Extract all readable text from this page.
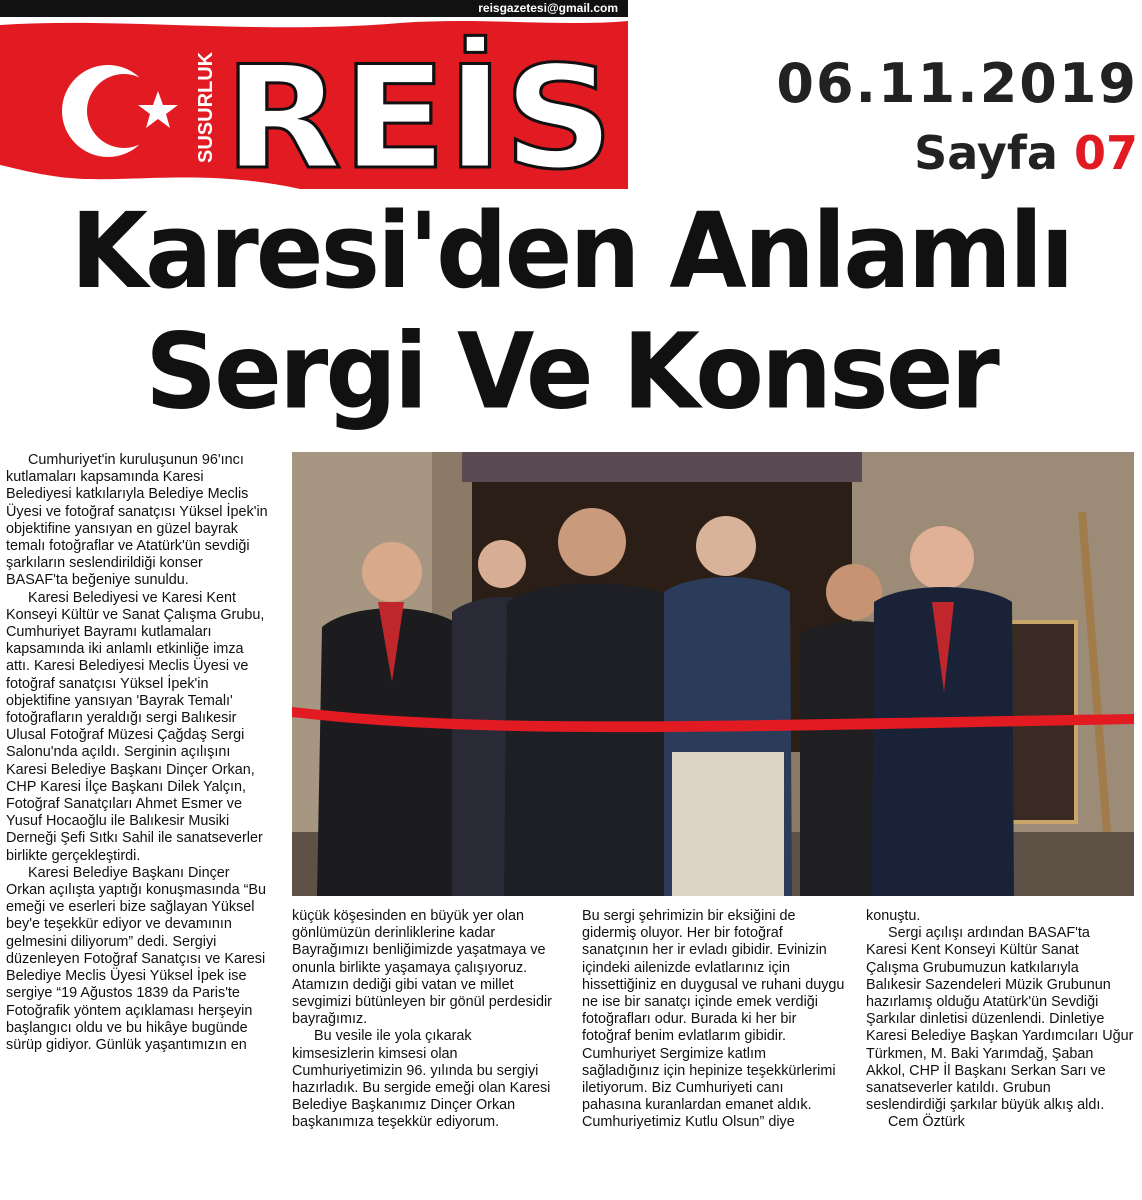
reisgazetesi@gmail.com
SUSURLUK REİS	06.11.2019
Sayfa 07
Karesi'den Anlamlı
Sergi Ve Konser

Cumhuriyet'in kuruluşunun 96'ıncı kutlamaları kapsamında Karesi Belediyesi katkılarıyla Belediye Meclis Üyesi ve fotoğraf sanatçısı Yüksel İpek'in objektifine yansıyan en güzel bayrak temalı fotoğraflar ve Atatürk'ün sevdiği şarkıların seslendirildiği konser BASAF'ta beğeniye sunuldu.

Karesi Belediyesi ve Karesi Kent Konseyi Kültür ve Sanat Çalışma Grubu, Cumhuriyet Bayramı kutlamaları kapsamında iki anlamlı etkinliğe imza attı. Karesi Belediyesi Meclis Üyesi ve fotoğraf sanatçısı Yüksel İpek'in objektifine yansıyan 'Bayrak Temalı' fotoğrafların yeraldığı sergi Balıkesir Ulusal Fotoğraf Müzesi Çağdaş Sergi Salonu'nda açıldı. Serginin açılışını Karesi Belediye Başkanı Dinçer Orkan, CHP Karesi İlçe Başkanı Dilek Yalçın, Fotoğraf Sanatçıları Ahmet Esmer ve Yusuf Hocaoğlu ile Balıkesir Musiki Derneği Şefi Sıtkı Sahil ile sanatseverler birlikte gerçekleştirdi.

Karesi Belediye Başkanı Dinçer Orkan açılışta yaptığı konuşmasında “Bu emeği ve eserleri bize sağlayan Yüksel bey'e teşekkür ediyor ve devamının gelmesini diliyorum” dedi. Sergiyi düzenleyen Fotoğraf Sanatçısı ve Karesi Belediye Meclis Üyesi Yüksel İpek ise sergiye “19 Ağustos 1839 da Paris'te Fotoğrafik yöntem açıklaması herşeyin başlangıcı oldu ve bu hikâye bugünde sürüp gidiyor. Günlük yaşantımızın en

küçük köşesinden en büyük yer olan gönlümüzün derinliklerine kadar Bayrağımızı benliğimizde yaşatmaya ve onunla birlikte yaşamaya çalışıyoruz. Atamızın dediği gibi vatan ve millet sevgimizi bütünleyen bir gönül perdesidir bayrağımız.

Bu vesile ile yola çıkarak kimsesizlerin kimsesi olan Cumhuriyetimizin 96. yılında bu sergiyi hazırladık. Bu sergide emeği olan Karesi Belediye Başkanımız Dinçer Orkan başkanımıza teşekkür ediyorum.

Bu sergi şehrimizin bir eksiğini de gidermiş oluyor. Her bir fotoğraf sanatçının her ir evladı gibidir. Evinizin içindeki ailenizde evlatlarınız için hissettiğiniz en duygusal ve ruhani duygu ne ise bir sanatçı içinde emek verdiği fotoğrafları odur. Burada ki her bir fotoğraf benim evlatlarım gibidir. Cumhuriyet Sergimize katlım sağladığınız için hepinize teşekkürlerimi iletiyorum. Biz Cumhuriyeti canı pahasına kuranlardan emanet aldık. Cumhuriyetimiz Kutlu Olsun” diye

konuştu.

Sergi açılışı ardından BASAF'ta Karesi Kent Konseyi Kültür Sanat Çalışma Grubumuzun katkılarıyla Balıkesir Sazendeleri Müzik Grubunun hazırlamış olduğu Atatürk'ün Sevdiği Şarkılar dinletisi düzenlendi. Dinletiye Karesi Belediye Başkan Yardımcıları Uğur Türkmen, M. Baki Yarımdağ, Şaban Akkol, CHP İl Başkanı Serkan Sarı ve sanatseverler katıldı. Grubun seslendirdiği şarkılar büyük alkış aldı.

Cem Öztürk
